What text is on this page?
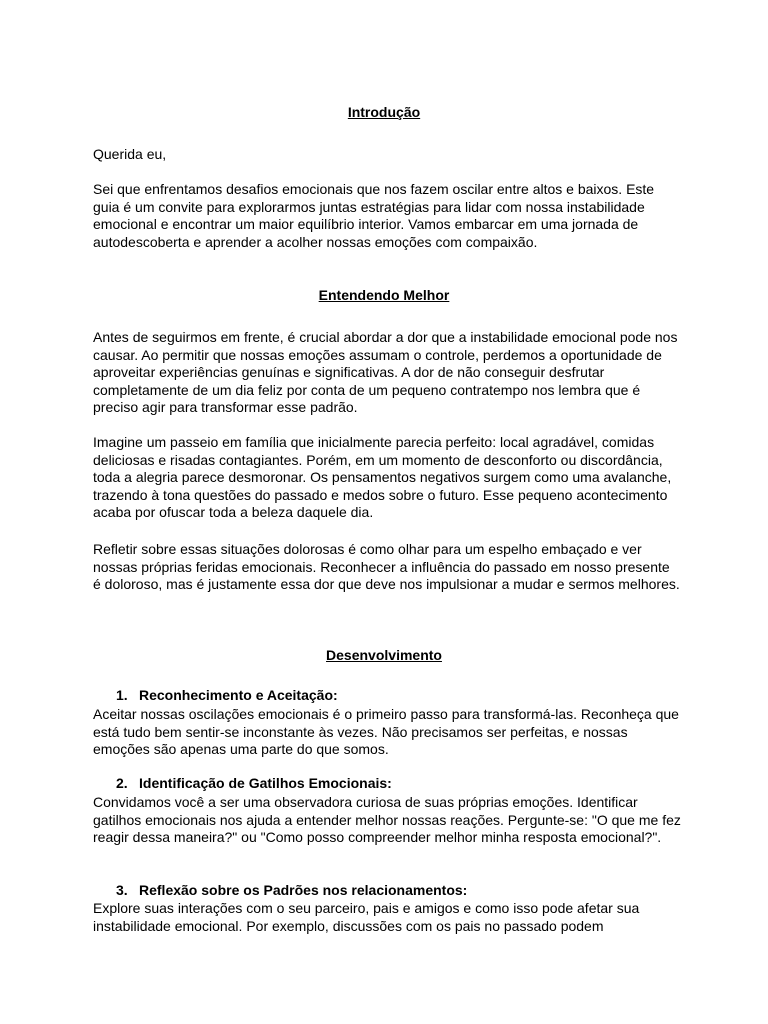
Introdução

Querida eu,

Sei que enfrentamos desafios emocionais que nos fazem oscilar entre altos e baixos. Este guia é um convite para explorarmos juntas estratégias para lidar com nossa instabilidade emocional e encontrar um maior equilíbrio interior. Vamos embarcar em uma jornada de autodescoberta e aprender a acolher nossas emoções com compaixão.

Entendendo Melhor

Antes de seguirmos em frente, é crucial abordar a dor que a instabilidade emocional pode nos causar. Ao permitir que nossas emoções assumam o controle, perdemos a oportunidade de aproveitar experiências genuínas e significativas. A dor de não conseguir desfrutar completamente de um dia feliz por conta de um pequeno contratempo nos lembra que é preciso agir para transformar esse padrão.

Imagine um passeio em família que inicialmente parecia perfeito: local agradável, comidas deliciosas e risadas contagiantes. Porém, em um momento de desconforto ou discordância, toda a alegria parece desmoronar. Os pensamentos negativos surgem como uma avalanche, trazendo à tona questões do passado e medos sobre o futuro. Esse pequeno acontecimento acaba por ofuscar toda a beleza daquele dia.

Refletir sobre essas situações dolorosas é como olhar para um espelho embaçado e ver nossas próprias feridas emocionais. Reconhecer a influência do passado em nosso presente é doloroso, mas é justamente essa dor que deve nos impulsionar a mudar e sermos melhores.

Desenvolvimento

1. Reconhecimento e Aceitação:

Aceitar nossas oscilações emocionais é o primeiro passo para transformá-las. Reconheça que está tudo bem sentir-se inconstante às vezes. Não precisamos ser perfeitas, e nossas emoções são apenas uma parte do que somos.

2. Identificação de Gatilhos Emocionais:

Convidamos você a ser uma observadora curiosa de suas próprias emoções. Identificar gatilhos emocionais nos ajuda a entender melhor nossas reações. Pergunte-se: "O que me fez reagir dessa maneira?" ou "Como posso compreender melhor minha resposta emocional?".

3. Reflexão sobre os Padrões nos relacionamentos:

Explore suas interações com o seu parceiro, pais e amigos e como isso pode afetar sua instabilidade emocional. Por exemplo, discussões com os pais no passado podem
